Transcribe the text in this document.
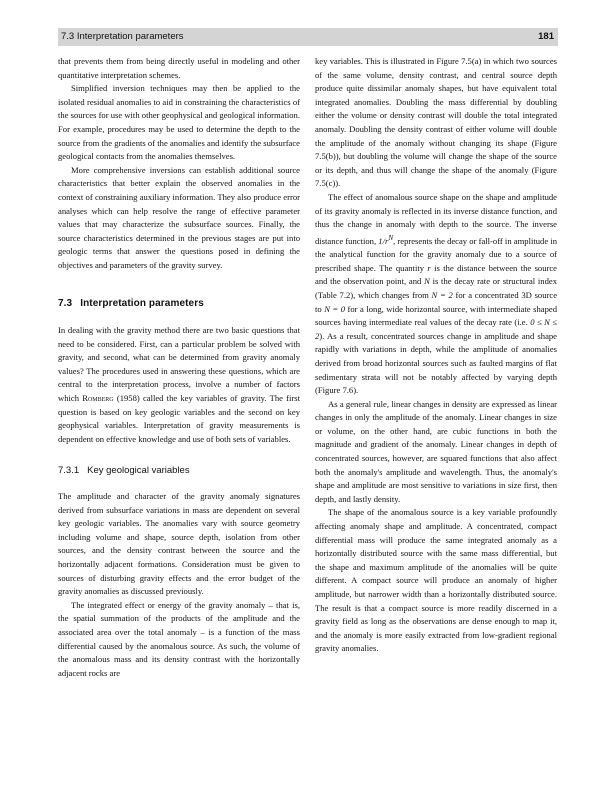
7.3 Interpretation parameters	181

that prevents them from being directly useful in modeling and other quantitative interpretation schemes.

Simplified inversion techniques may then be applied to the isolated residual anomalies to aid in constraining the characteristics of the sources for use with other geophysical and geological information. For example, procedures may be used to determine the depth to the source from the gradients of the anomalies and identify the subsurface geological contacts from the anomalies themselves.

More comprehensive inversions can establish additional source characteristics that better explain the observed anomalies in the context of constraining auxiliary information. They also produce error analyses which can help resolve the range of effective parameter values that may characterize the subsurface sources. Finally, the source characteristics determined in the previous stages are put into geologic terms that answer the questions posed in defining the objectives and parameters of the gravity survey.

7.3 Interpretation parameters

In dealing with the gravity method there are two basic questions that need to be considered. First, can a particular problem be solved with gravity, and second, what can be determined from gravity anomaly values? The procedures used in answering these questions, which are central to the interpretation process, involve a number of factors which Romberg (1958) called the key variables of gravity. The first question is based on key geologic variables and the second on key geophysical variables. Interpretation of gravity measurements is dependent on effective knowledge and use of both sets of variables.

7.3.1 Key geological variables

The amplitude and character of the gravity anomaly signatures derived from subsurface variations in mass are dependent on several key geologic variables. The anomalies vary with source geometry including volume and shape, source depth, isolation from other sources, and the density contrast between the source and the horizontally adjacent formations. Consideration must be given to sources of disturbing gravity effects and the error budget of the gravity anomalies as discussed previously.

The integrated effect or energy of the gravity anomaly – that is, the spatial summation of the products of the amplitude and the associated area over the total anomaly – is a function of the mass differential caused by the anomalous source. As such, the volume of the anomalous mass and its density contrast with the horizontally adjacent rocks are

key variables. This is illustrated in Figure 7.5(a) in which two sources of the same volume, density contrast, and central source depth produce quite dissimilar anomaly shapes, but have equivalent total integrated anomalies. Doubling the mass differential by doubling either the volume or density contrast will double the total integrated anomaly. Doubling the density contrast of either volume will double the amplitude of the anomaly without changing its shape (Figure 7.5(b)), but doubling the volume will change the shape of the source or its depth, and thus will change the shape of the anomaly (Figure 7.5(c)).

The effect of anomalous source shape on the shape and amplitude of its gravity anomaly is reflected in its inverse distance function, and thus the change in anomaly with depth to the source. The inverse distance function, $1/r^N$, represents the decay or fall-off in amplitude in the analytical function for the gravity anomaly due to a source of prescribed shape. The quantity r is the distance between the source and the observation point, and N is the decay rate or structural index (Table 7.2), which changes from N = 2 for a concentrated 3D source to N = 0 for a long, wide horizontal source, with intermediate shaped sources having intermediate real values of the decay rate (i.e. 0 ≤ N ≤ 2). As a result, concentrated sources change in amplitude and shape rapidly with variations in depth, while the amplitude of anomalies derived from broad horizontal sources such as faulted margins of flat sedimentary strata will not be notably affected by varying depth (Figure 7.6).

As a general rule, linear changes in density are expressed as linear changes in only the amplitude of the anomaly. Linear changes in size or volume, on the other hand, are cubic functions in both the magnitude and gradient of the anomaly. Linear changes in depth of concentrated sources, however, are squared functions that also affect both the anomaly's amplitude and wavelength. Thus, the anomaly's shape and amplitude are most sensitive to variations in size first, then depth, and lastly density.

The shape of the anomalous source is a key variable profoundly affecting anomaly shape and amplitude. A concentrated, compact differential mass will produce the same integrated anomaly as a horizontally distributed source with the same mass differential, but the shape and maximum amplitude of the anomalies will be quite different. A compact source will produce an anomaly of higher amplitude, but narrower width than a horizontally distributed source. The result is that a compact source is more readily discerned in a gravity field as long as the observations are dense enough to map it, and the anomaly is more easily extracted from low-gradient regional gravity anomalies.
